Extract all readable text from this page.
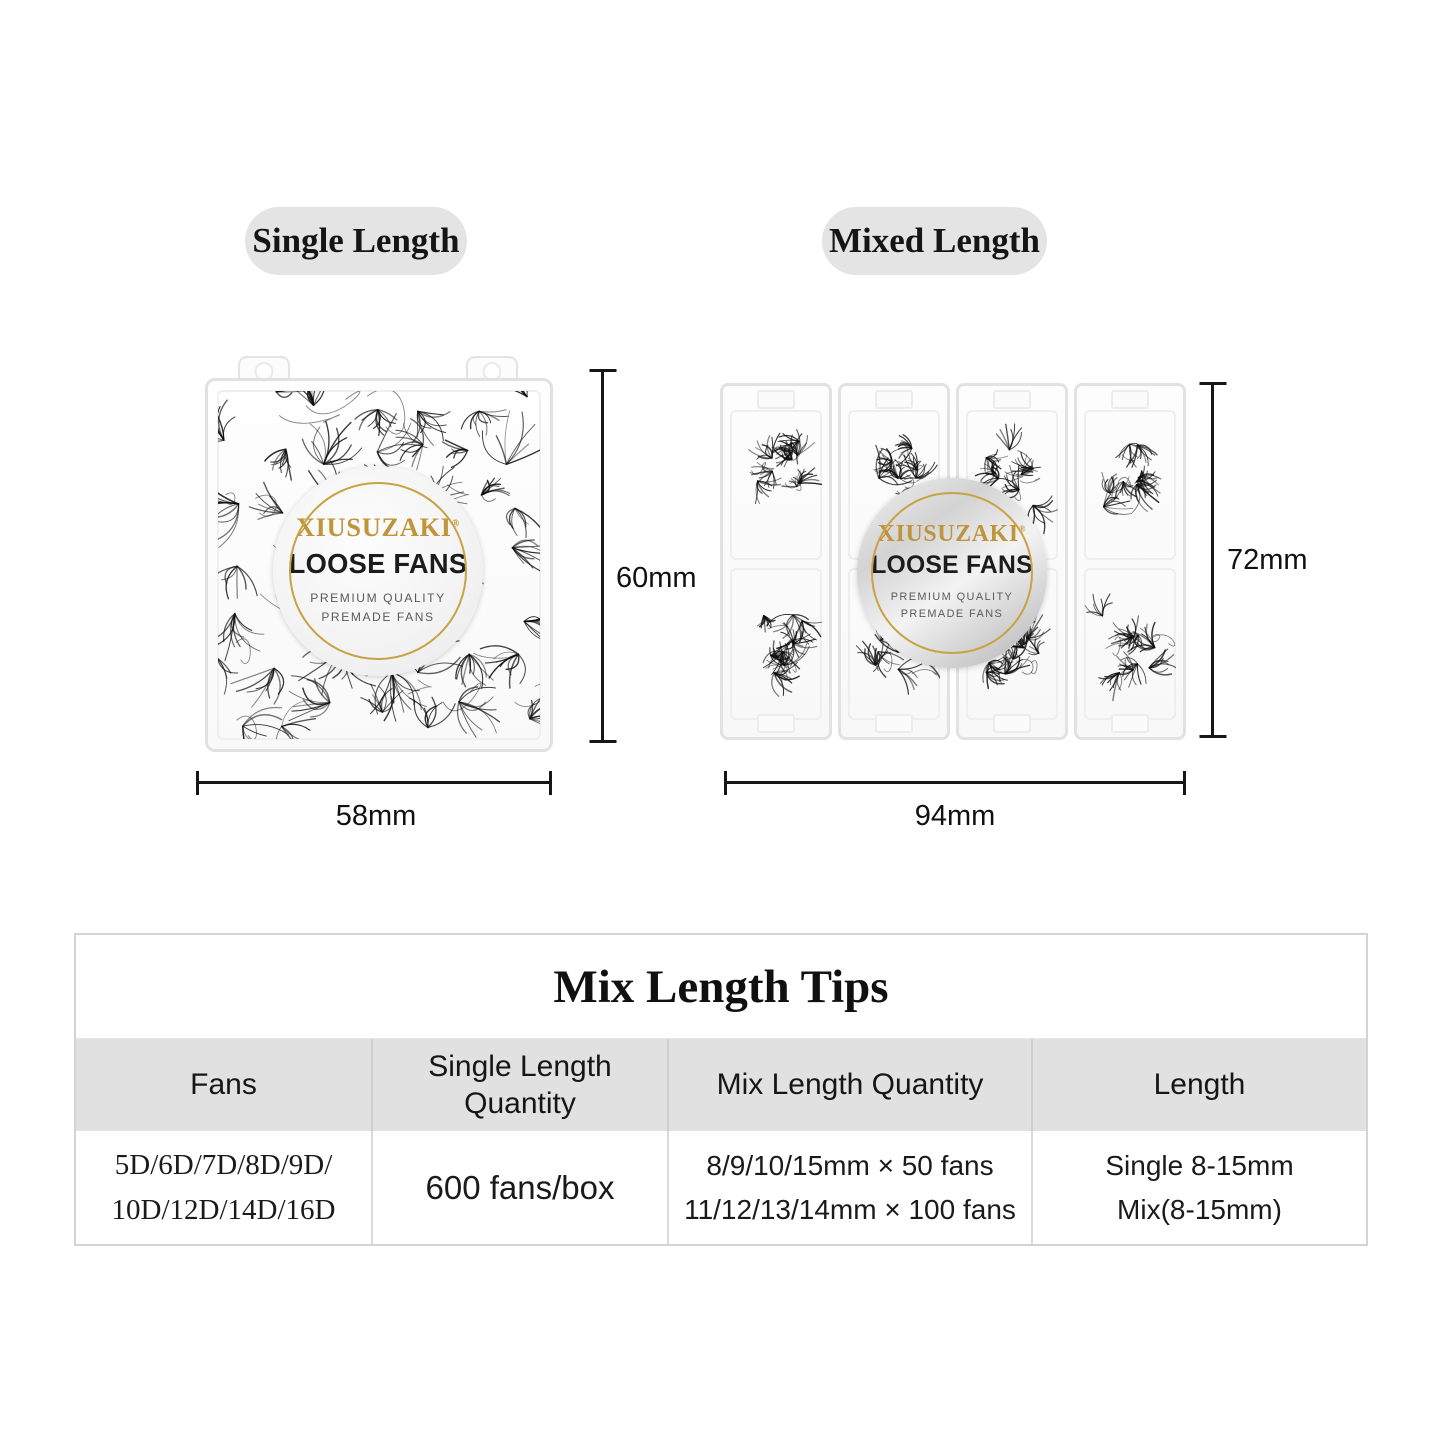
Single Length	Mixed Length
XIUSUZAKI®
LOOSE FANS
PREMIUM QUALITY
PREMADE FANS
XIUSUZAKI®
LOOSE FANS
PREMIUM QUALITY
PREMADE FANS
60mm
58mm
72mm
94mm
Mix Length Tips
Fans
Single Length Quantity
Mix Length Quantity	Length
5D/6D/7D/8D/9D/
10D/12D/14D/16D
600 fans/box
8/9/10/15mm × 50 fans
11/12/13/14mm × 100 fans
Single 8-15mm
Mix(8-15mm)
